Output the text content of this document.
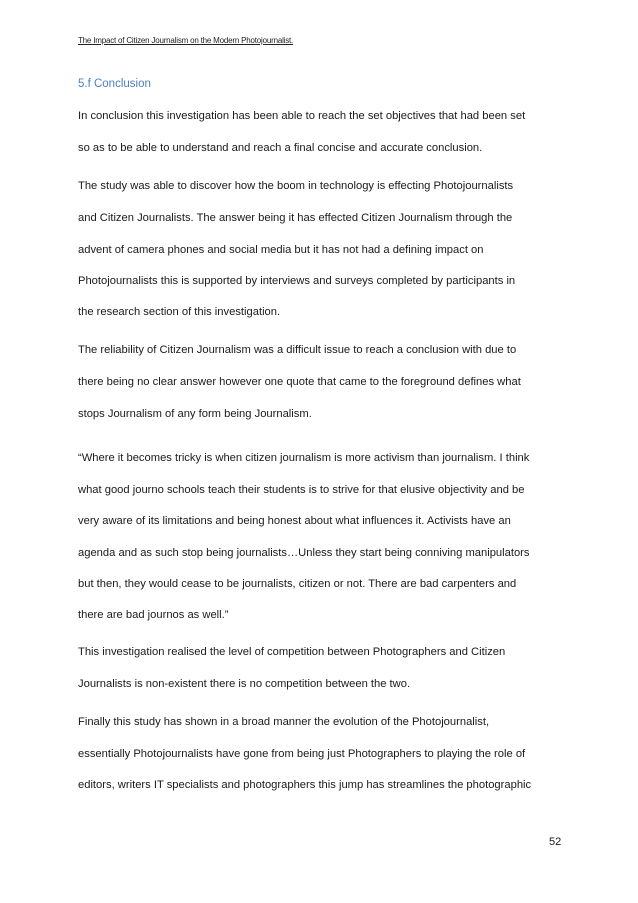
The Impact of Citizen Journalism on the Modern Photojournalist.
5.f Conclusion
In conclusion this investigation has been able to reach the set objectives that had been set
so as to be able to understand and reach a final concise and accurate conclusion.
The study was able to discover how the boom in technology is effecting Photojournalists
and Citizen Journalists. The answer being it has effected Citizen Journalism through the
advent of camera phones and social media but it has not had a defining impact on
Photojournalists this is supported by interviews and surveys completed by participants in
the research section of this investigation.
The reliability of Citizen Journalism was a difficult issue to reach a conclusion with due to
there being no clear answer however one quote that came to the foreground defines what
stops Journalism of any form being Journalism.
“Where it becomes tricky is when citizen journalism is more activism than journalism. I think
what good journo schools teach their students is to strive for that elusive objectivity and be
very aware of its limitations and being honest about what influences it. Activists have an
agenda and as such stop being journalists…Unless they start being conniving manipulators
but then, they would cease to be journalists, citizen or not. There are bad carpenters and
there are bad journos as well.”
This investigation realised the level of competition between Photographers and Citizen
Journalists is non-existent there is no competition between the two.
Finally this study has shown in a broad manner the evolution of the Photojournalist,
essentially Photojournalists have gone from being just Photographers to playing the role of
editors, writers IT specialists and photographers this jump has streamlines the photographic
52
